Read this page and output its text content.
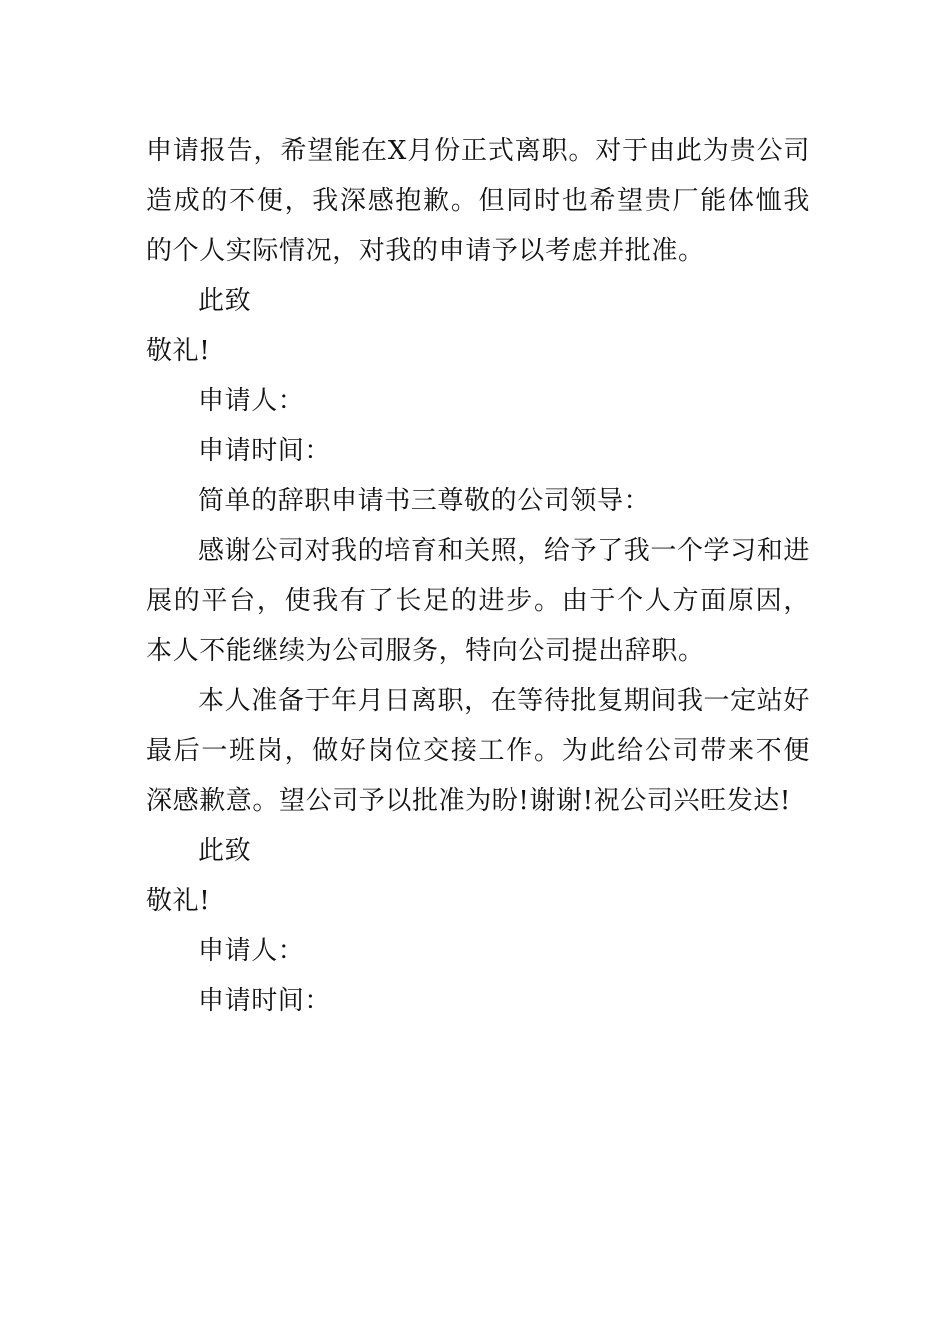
申请报告，希望能在X月份正式离职。对于由此为贵公司造成的不便，我深感抱歉。但同时也希望贵厂能体恤我的个人实际情况，对我的申请予以考虑并批准。

此致

敬礼!

申请人：

申请时间：

简单的辞职申请书三尊敬的公司领导：

感谢公司对我的培育和关照，给予了我一个学习和进展的平台，使我有了长足的进步。由于个人方面原因，本人不能继续为公司服务，特向公司提出辞职。

本人准备于年月日离职，在等待批复期间我一定站好最后一班岗，做好岗位交接工作。为此给公司带来不便深感歉意。望公司予以批准为盼!谢谢!祝公司兴旺发达!

此致

敬礼!

申请人：

申请时间：
